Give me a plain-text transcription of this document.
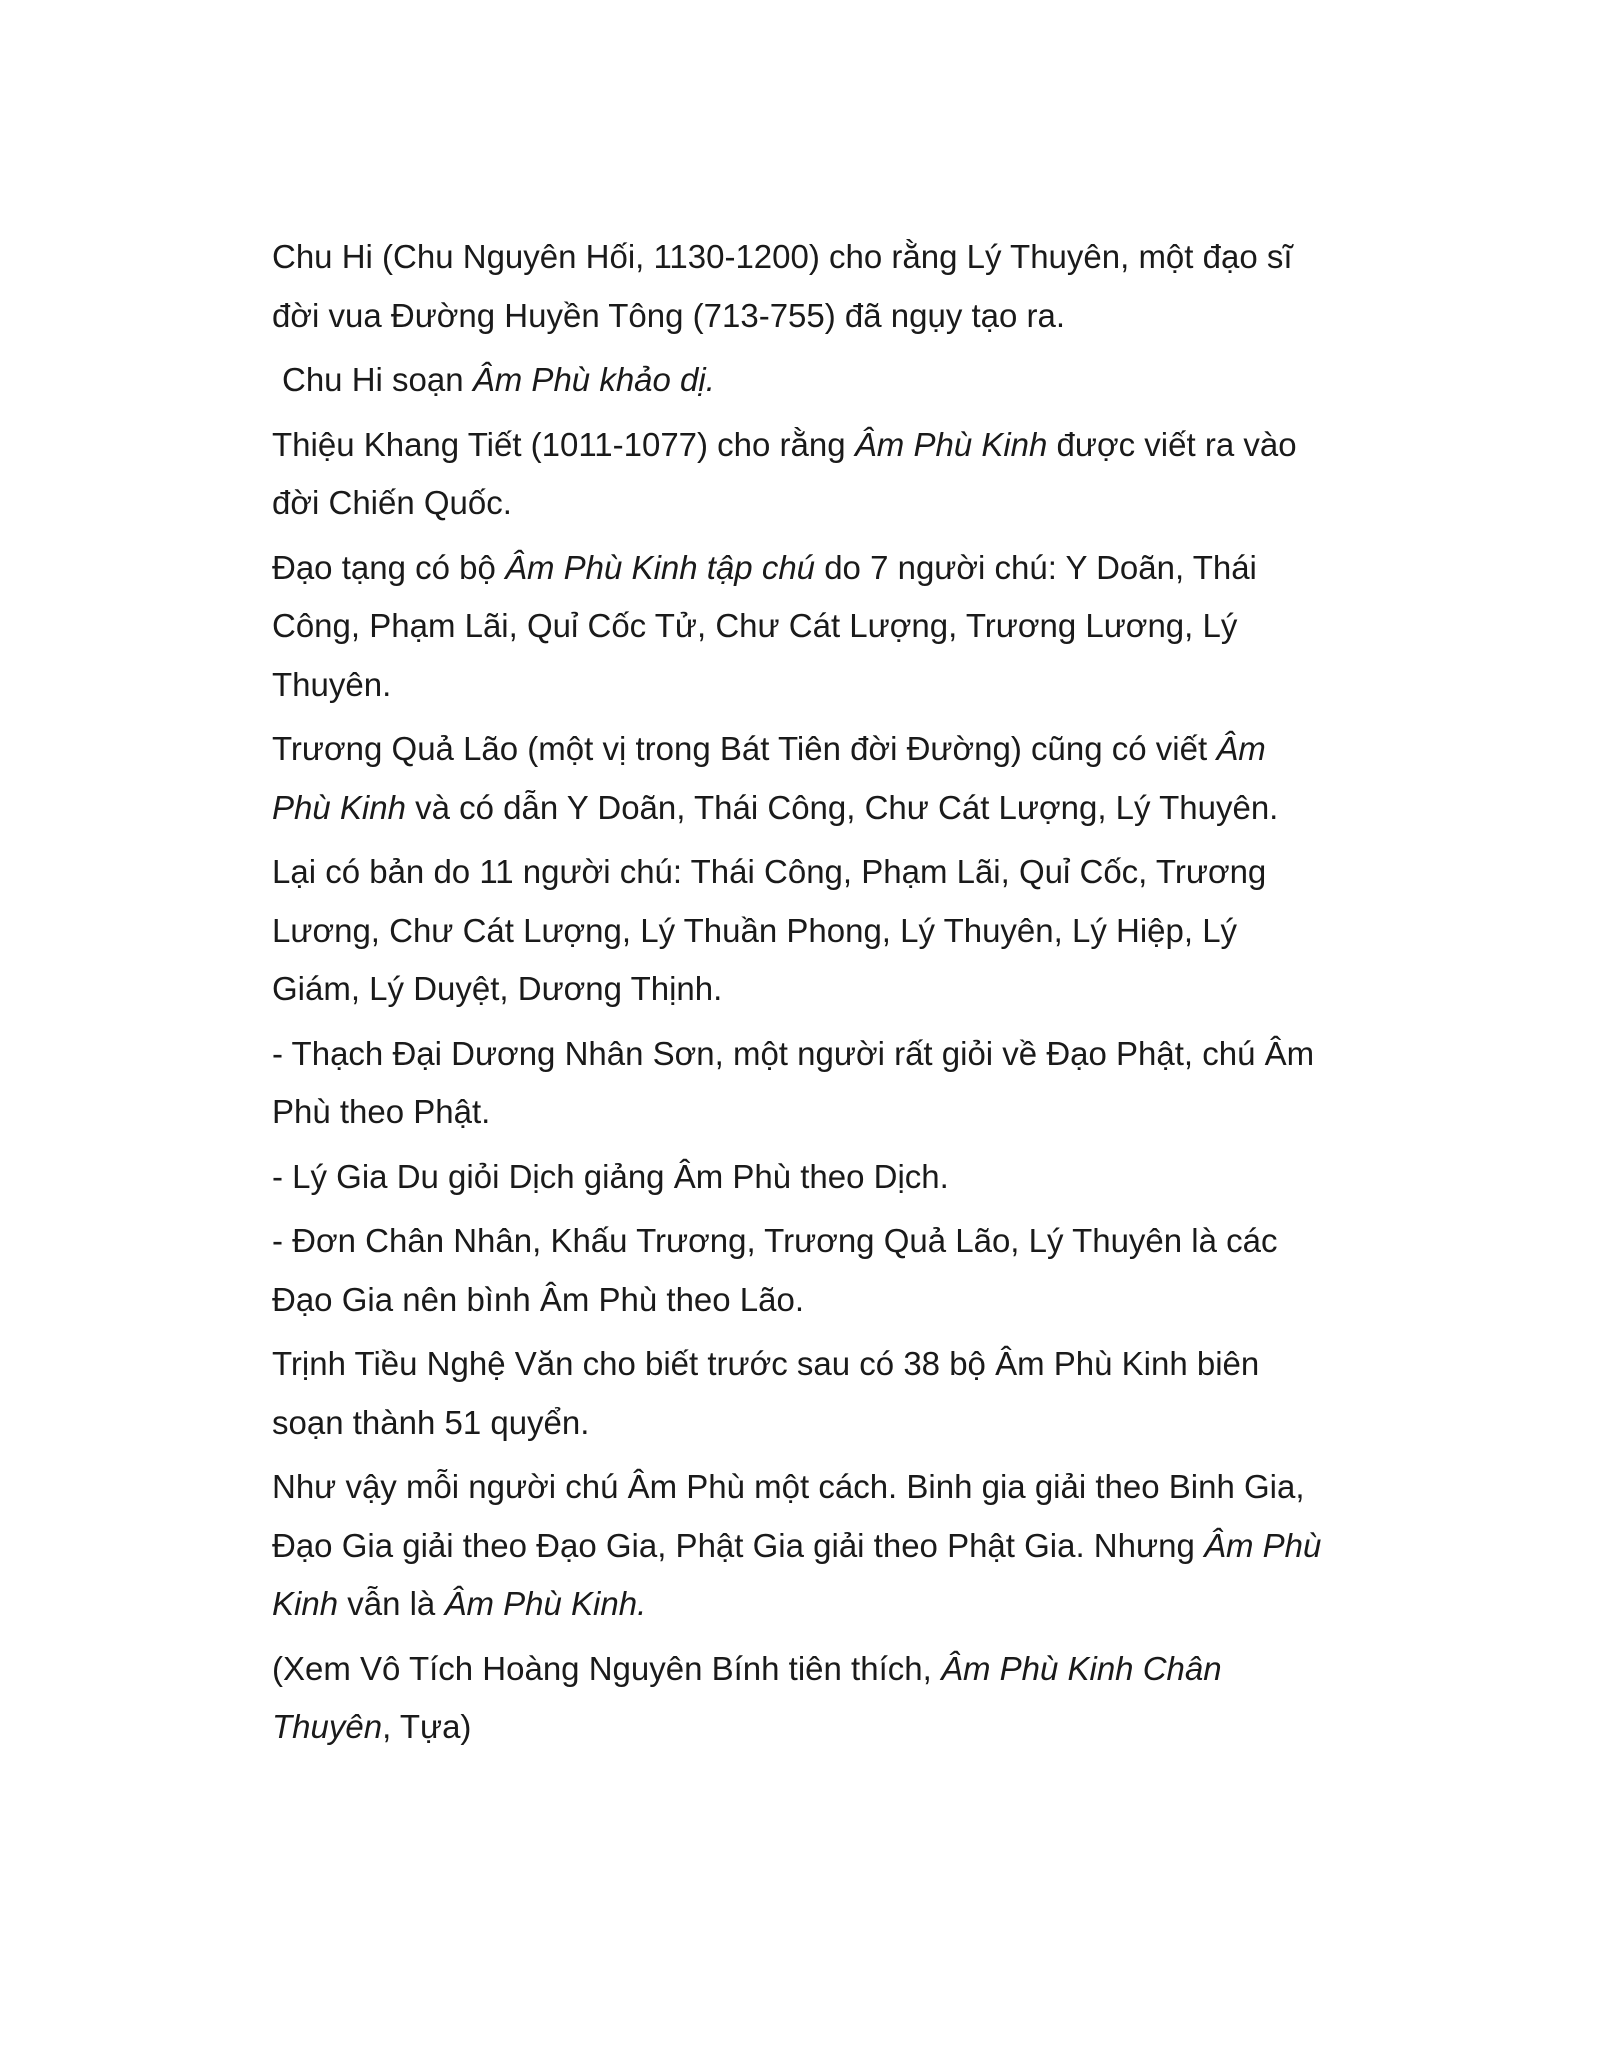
Chu Hi (Chu Nguyên Hối, 1130-1200) cho rằng Lý Thuyên, một đạo sĩ đời vua Đường Huyền Tông (713-755) đã ngụy tạo ra.

Chu Hi soạn Âm Phù khảo dị.

Thiệu Khang Tiết (1011-1077) cho rằng Âm Phù Kinh được viết ra vào đời Chiến Quốc.

Đạo tạng có bộ Âm Phù Kinh tập chú do 7 người chú: Y Doãn, Thái Công, Phạm Lãi, Quỉ Cốc Tử, Chư Cát Lượng, Trương Lương, Lý Thuyên.

Trương Quả Lão (một vị trong Bát Tiên đời Đường) cũng có viết Âm Phù Kinh và có dẫn Y Doãn, Thái Công, Chư Cát Lượng, Lý Thuyên.

Lại có bản do 11 người chú: Thái Công, Phạm Lãi, Quỉ Cốc, Trương Lương, Chư Cát Lượng, Lý Thuần Phong, Lý Thuyên, Lý Hiệp, Lý Giám, Lý Duyệt, Dương Thịnh.

- Thạch Đại Dương Nhân Sơn, một người rất giỏi về Đạo Phật, chú Âm Phù theo Phật.

- Lý Gia Du giỏi Dịch giảng Âm Phù theo Dịch.

- Đơn Chân Nhân, Khấu Trương, Trương Quả Lão, Lý Thuyên là các Đạo Gia nên bình Âm Phù theo Lão.

Trịnh Tiều Nghệ Văn cho biết trước sau có 38 bộ Âm Phù Kinh biên soạn thành 51 quyển.

Như vậy mỗi người chú Âm Phù một cách. Binh gia giải theo Binh Gia, Đạo Gia giải theo Đạo Gia, Phật Gia giải theo Phật Gia. Nhưng Âm Phù Kinh vẫn là Âm Phù Kinh.

(Xem Vô Tích Hoàng Nguyên Bính tiên thích, Âm Phù Kinh Chân Thuyên, Tựa)
